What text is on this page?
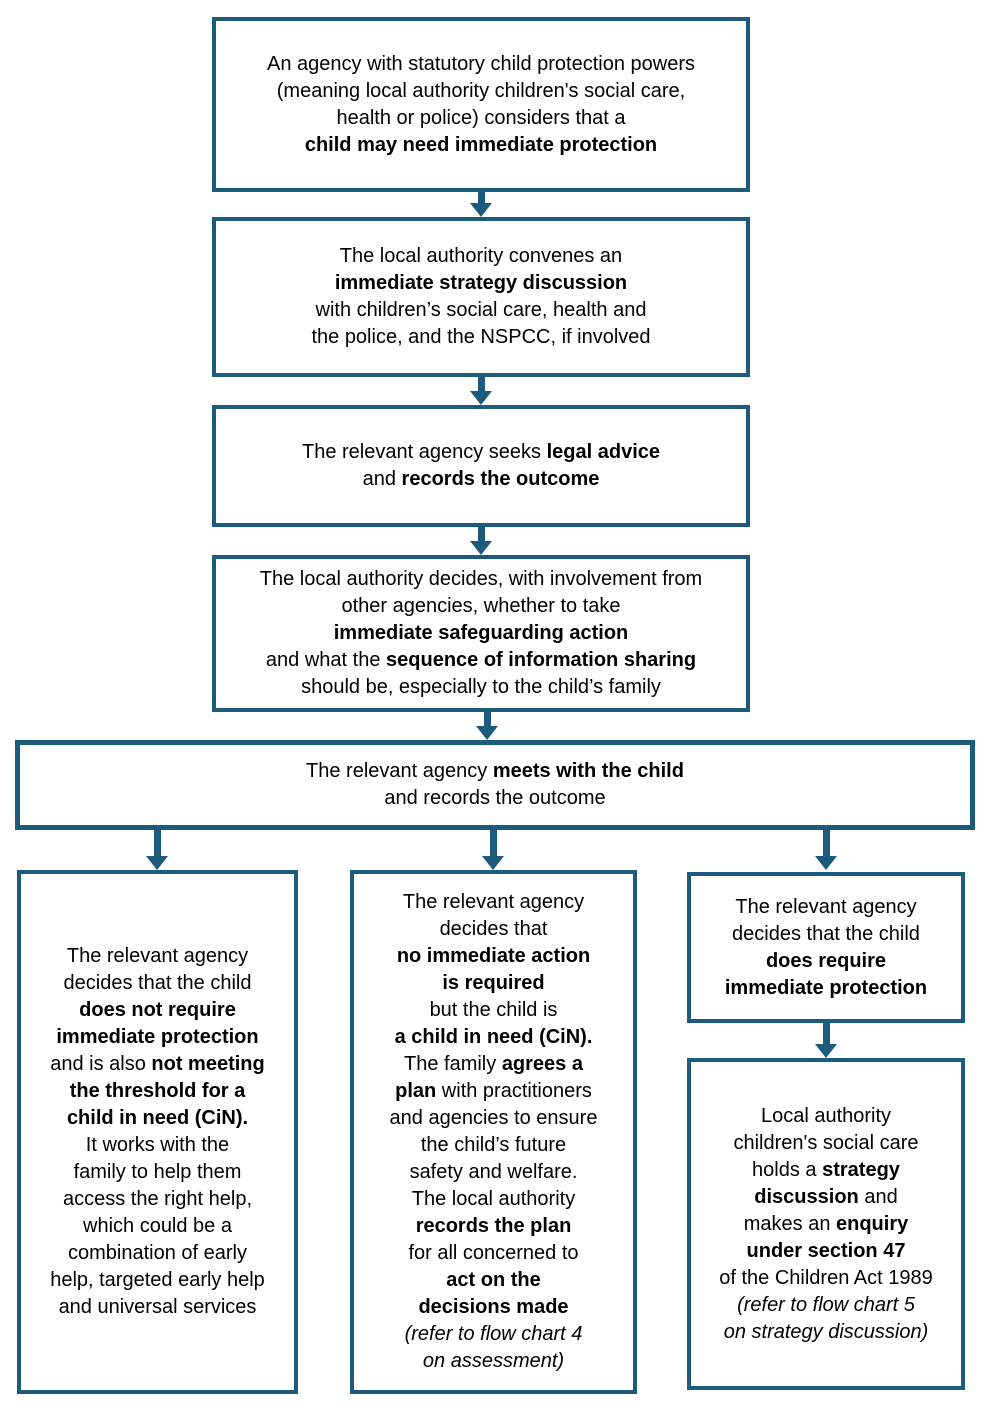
An agency with statutory child protection powers
(meaning local authority children's social care,
health or police) considers that a
child may need immediate protection
The local authority convenes an
immediate strategy discussion
with children’s social care, health and
the police, and the NSPCC, if involved
The relevant agency seeks legal advice
and records the outcome
The local authority decides, with involvement from
other agencies, whether to take
immediate safeguarding action
and what the sequence of information sharing
should be, especially to the child’s family
The relevant agency meets with the child
and records the outcome
The relevant agency
decides that the child
does not require
immediate protection
and is also not meeting
the threshold for a
child in need (CiN).
It works with the
family to help them
access the right help,
which could be a
combination of early
help, targeted early help
and universal services
The relevant agency
decides that
no immediate action
is required
but the child is
a child in need (CiN).
The family agrees a
plan with practitioners
and agencies to ensure
the child’s future
safety and welfare.
The local authority
records the plan
for all concerned to
act on the
decisions made
(refer to flow chart 4
on assessment)
The relevant agency
decides that the child
does require
immediate protection
Local authority
children's social care
holds a strategy
discussion and
makes an enquiry
under section 47
of the Children Act 1989
(refer to flow chart 5
on strategy discussion)
